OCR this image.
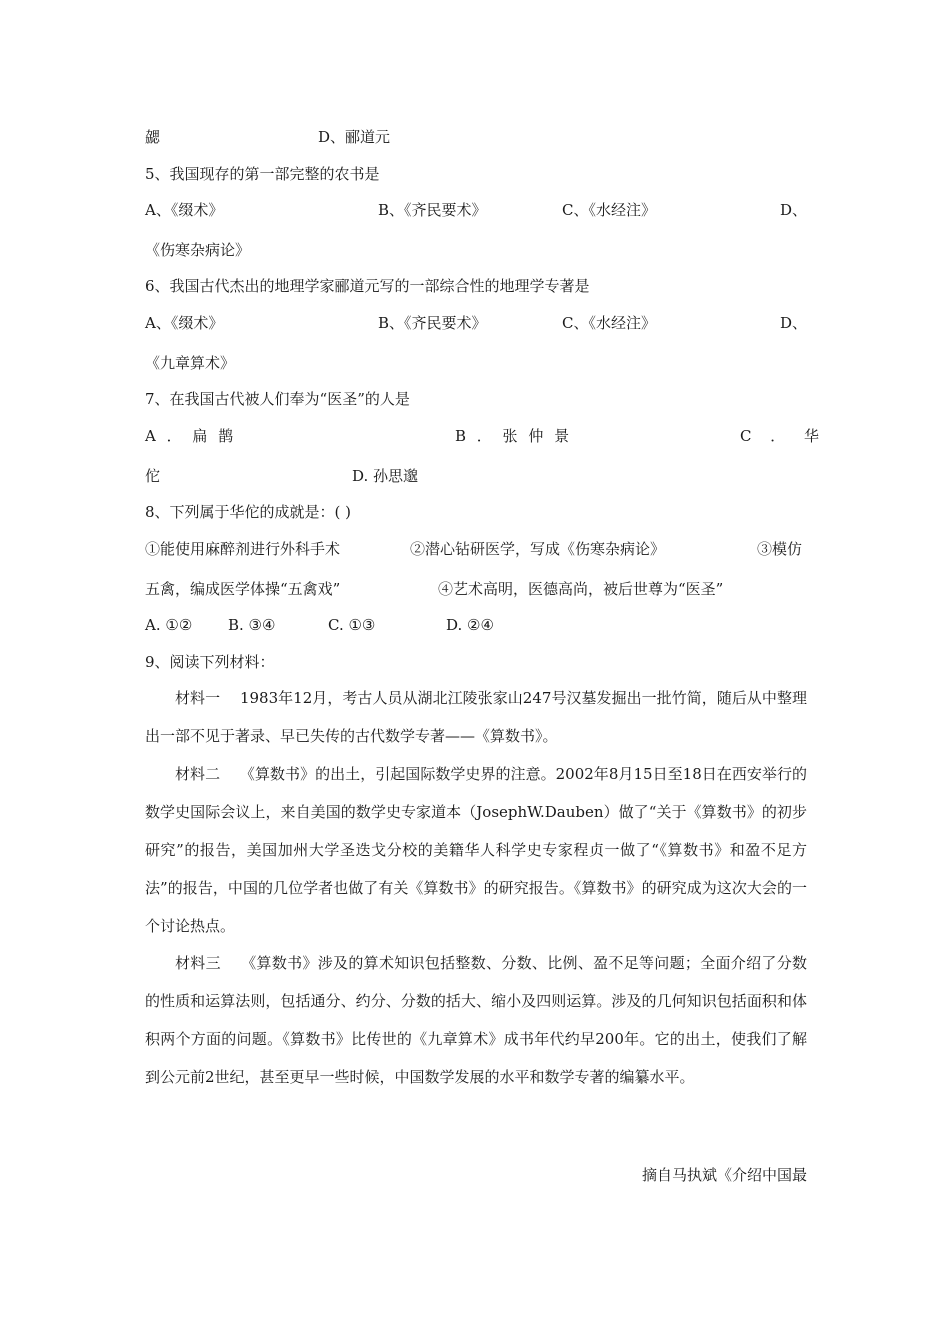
勰	D、郦道元
5、我国现存的第一部完整的农书是
A、《缀术》	B、《齐民要术》	C、《水经注》	D、
《伤寒杂病论》
6、我国古代杰出的地理学家郦道元写的一部综合性的地理学专著是
A、《缀术》	B、《齐民要术》	C、《水经注》	D、
《九章算术》
7、在我国古代被人们奉为“医圣”的人是
A ． 扁 鹊	B ． 张 仲 景	C ． 华
佗	D. 孙思邈
8、下列属于华佗的成就是：( )
①能使用麻醉剂进行外科手术	②潜心钻研医学，写成《伤寒杂病论》	③模仿
五禽，编成医学体操“五禽戏”	④艺术高明，医德高尚，被后世尊为“医圣”
A. ①② B. ③④	C. ①③	D. ②④
9、阅读下列材料：
材料一　 1983年12月，考古人员从湖北江陵张家山247号汉墓发掘出一批竹简，随后从中整理出一部不见于著录、早已失传的古代数学专著——《算数书》。
材料二　 《算数书》的出土，引起国际数学史界的注意。2002年8月15日至18日在西安举行的数学史国际会议上，来自美国的数学史专家道本（JosephW.Dauben）做了“关于《算数书》的初步研究”的报告，美国加州大学圣迭戈分校的美籍华人科学史专家程贞一做了“《算数书》和盈不足方法”的报告，中国的几位学者也做了有关《算数书》的研究报告。《算数书》的研究成为这次大会的一个讨论热点。
材料三　 《算数书》涉及的算术知识包括整数、分数、比例、盈不足等问题；全面介绍了分数的性质和运算法则，包括通分、约分、分数的括大、缩小及四则运算。涉及的几何知识包括面积和体积两个方面的问题。《算数书》比传世的《九章算术》成书年代约早200年。它的出土，使我们了解到公元前2世纪，甚至更早一些时候，中国数学发展的水平和数学专著的编纂水平。
摘自马执斌《介绍中国最
